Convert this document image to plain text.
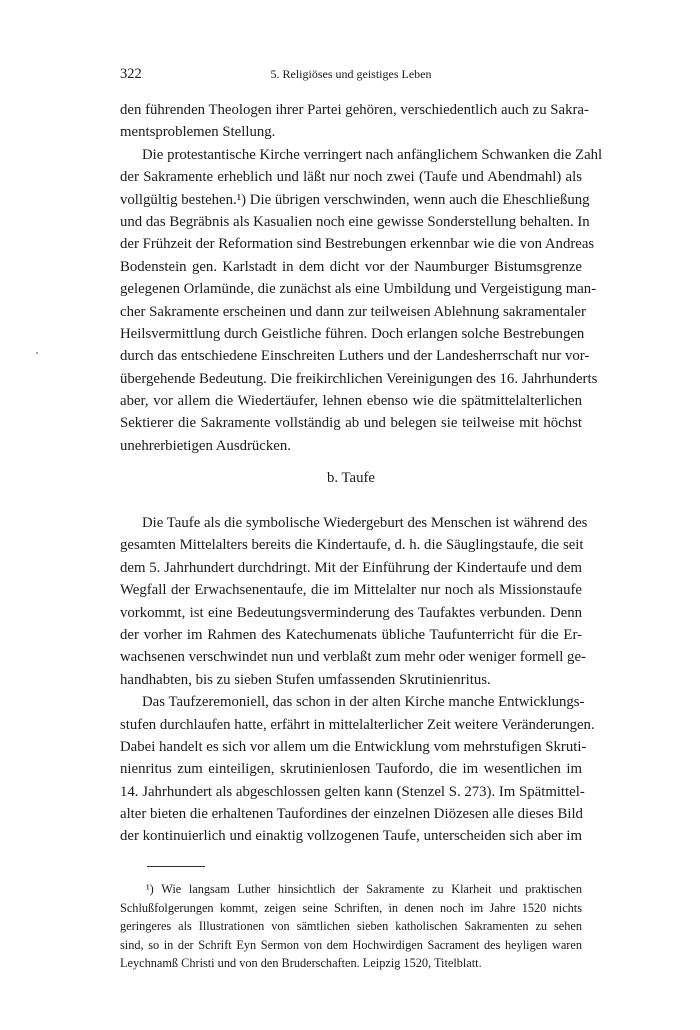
322	5. Religiöses und geistiges Leben
den führenden Theologen ihrer Partei gehören, verschiedentlich auch zu Sakra-
mentsproblemen Stellung.
Die protestantische Kirche verringert nach anfänglichem Schwanken die Zahl
der Sakramente erheblich und läßt nur noch zwei (Taufe und Abendmahl) als
vollgültig bestehen.¹) Die übrigen verschwinden, wenn auch die Eheschließung
und das Begräbnis als Kasualien noch eine gewisse Sonderstellung behalten. In
der Frühzeit der Reformation sind Bestrebungen erkennbar wie die von Andreas
Bodenstein gen. Karlstadt in dem dicht vor der Naumburger Bistumsgrenze
gelegenen Orlamünde, die zunächst als eine Umbildung und Vergeistigung man-
cher Sakramente erscheinen und dann zur teilweisen Ablehnung sakramentaler
Heilsvermittlung durch Geistliche führen. Doch erlangen solche Bestrebungen
durch das entschiedene Einschreiten Luthers und der Landesherrschaft nur vor-
übergehende Bedeutung. Die freikirchlichen Vereinigungen des 16. Jahrhunderts
aber, vor allem die Wiedertäufer, lehnen ebenso wie die spätmittelalterlichen
Sektierer die Sakramente vollständig ab und belegen sie teilweise mit höchst
unehrerbietigen Ausdrücken.
b. Taufe
Die Taufe als die symbolische Wiedergeburt des Menschen ist während des
gesamten Mittelalters bereits die Kindertaufe, d. h. die Säuglingstaufe, die seit
dem 5. Jahrhundert durchdringt. Mit der Einführung der Kindertaufe und dem
Wegfall der Erwachsenentaufe, die im Mittelalter nur noch als Missionstaufe
vorkommt, ist eine Bedeutungsverminderung des Taufaktes verbunden. Denn
der vorher im Rahmen des Katechumenats übliche Taufunterricht für die Er-
wachsenen verschwindet nun und verblaßt zum mehr oder weniger formell ge-
handhabten, bis zu sieben Stufen umfassenden Skrutinienritus.
Das Taufzeremoniell, das schon in der alten Kirche manche Entwicklungs-
stufen durchlaufen hatte, erfährt in mittelalterlicher Zeit weitere Veränderungen.
Dabei handelt es sich vor allem um die Entwicklung vom mehrstufigen Skruti-
nienritus zum einteiligen, skrutinienlosen Taufordo, die im wesentlichen im
14. Jahrhundert als abgeschlossen gelten kann (Stenzel S. 273). Im Spätmittel-
alter bieten die erhaltenen Taufordines der einzelnen Diözesen alle dieses Bild
der kontinuierlich und einaktig vollzogenen Taufe, unterscheiden sich aber im
¹) Wie langsam Luther hinsichtlich der Sakramente zu Klarheit und praktischen
Schlußfolgerungen kommt, zeigen seine Schriften, in denen noch im Jahre 1520 nichts
geringeres als Illustrationen von sämtlichen sieben katholischen Sakramenten zu sehen
sind, so in der Schrift Eyn Sermon von dem Hochwirdigen Sacrament des heyligen waren
Leychnamß Christi und von den Bruderschaften. Leipzig 1520, Titelblatt.
